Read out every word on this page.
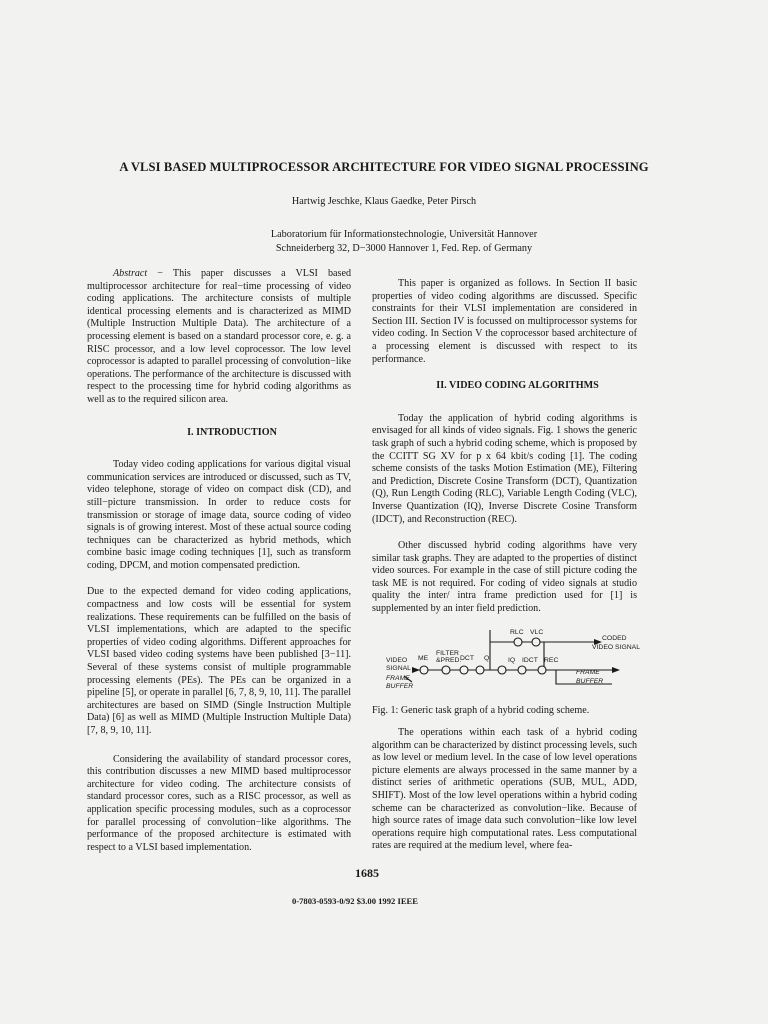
A VLSI BASED MULTIPROCESSOR ARCHITECTURE FOR VIDEO SIGNAL PROCESSING
Hartwig Jeschke, Klaus Gaedke, Peter Pirsch
Laboratorium für Informationstechnologie, Universität Hannover
Schneiderberg 32, D−3000 Hannover 1, Fed. Rep. of Germany

Abstract − This paper discusses a VLSI based multiprocessor architecture for real−time processing of video coding applications. The architecture consists of multiple identical processing elements and is characterized as MIMD (Multiple Instruction Multiple Data). The architecture of a processing element is based on a standard processor core, e. g. a RISC processor, and a low level coprocessor. The low level coprocessor is adapted to parallel processing of convolution−like operations. The performance of the architecture is discussed with respect to the processing time for hybrid coding algorithms as well as to the required silicon area.

I. INTRODUCTION

Today video coding applications for various digital visual communication services are introduced or discussed, such as TV, video telephone, storage of video on compact disk (CD), and still−picture transmission. In order to reduce costs for transmission or storage of image data, source coding of video signals is of growing interest. Most of these actual source coding techniques can be characterized as hybrid methods, which combine basic image coding techniques [1], such as transform coding, DPCM, and motion compensated prediction.

Due to the expected demand for video coding applications, compactness and low costs will be essential for system realizations. These requirements can be fulfilled on the basis of VLSI implementations, which are adapted to the specific properties of video coding algorithms. Different approaches for VLSI based video coding systems have been published [3−11]. Several of these systems consist of multiple programmable processing elements (PEs). The PEs can be organized in a pipeline [5], or operate in parallel [6, 7, 8, 9, 10, 11]. The parallel architectures are based on SIMD (Single Instruction Multiple Data) [6] as well as MIMD (Multiple Instruction Multiple Data) [7, 8, 9, 10, 11].

Considering the availability of standard processor cores, this contribution discusses a new MIMD based multiprocessor architecture for video coding. The architecture consists of standard processor cores, such as a RISC processor, as well as application specific processing modules, such as a coprocessor for parallel processing of convolution−like algorithms. The performance of the proposed architecture is estimated with respect to a VLSI based implementation.

This paper is organized as follows. In Section II basic properties of video coding algorithms are discussed. Specific constraints for their VLSI implementation are considered in Section III. Section IV is focussed on multiprocessor systems for video coding. In Section V the coprocessor based architecture of a processing element is discussed with respect to its performance.

II. VIDEO CODING ALGORITHMS

Today the application of hybrid coding algorithms is envisaged for all kinds of video signals. Fig. 1 shows the generic task graph of such a hybrid coding scheme, which is proposed by the CCITT SG XV for p x 64 kbit/s coding [1]. The coding scheme consists of the tasks Motion Estimation (ME), Filtering and Prediction, Discrete Cosine Transform (DCT), Quantization (Q), Run Length Coding (RLC), Variable Length Coding (VLC), Inverse Quantization (IQ), Inverse Discrete Cosine Transform (IDCT), and Reconstruction (REC).

Other discussed hybrid coding algorithms have very similar task graphs. They are adapted to the properties of distinct video sources. For example in the case of still picture coding the task ME is not required. For coding of video signals at studio quality the inter/ intra frame prediction used for [1] is supplemented by an inter field prediction.

RLC VLC
CODED
VIDEO SIGNAL
VIDEO
SIGNAL
ME
FILTER
&PRED.
DCT Q	IQ IDCT REC
FRAME
BUFFER
FRAME
BUFFER
Fig. 1: Generic task graph of a hybrid coding scheme.

The operations within each task of a hybrid coding algorithm can be characterized by distinct processing levels, such as low level or medium level. In the case of low level operations picture elements are always processed in the same manner by a distinct series of arithmetic operations (SUB, MUL, ADD, SHIFT). Most of the low level operations within a hybrid coding scheme can be characterized as convolution−like. Because of high source rates of image data such convolution−like low level operations require high computational rates. Less computational rates are required at the medium level, where fea-

1685
0-7803-0593-0/92 $3.00 1992 IEEE
